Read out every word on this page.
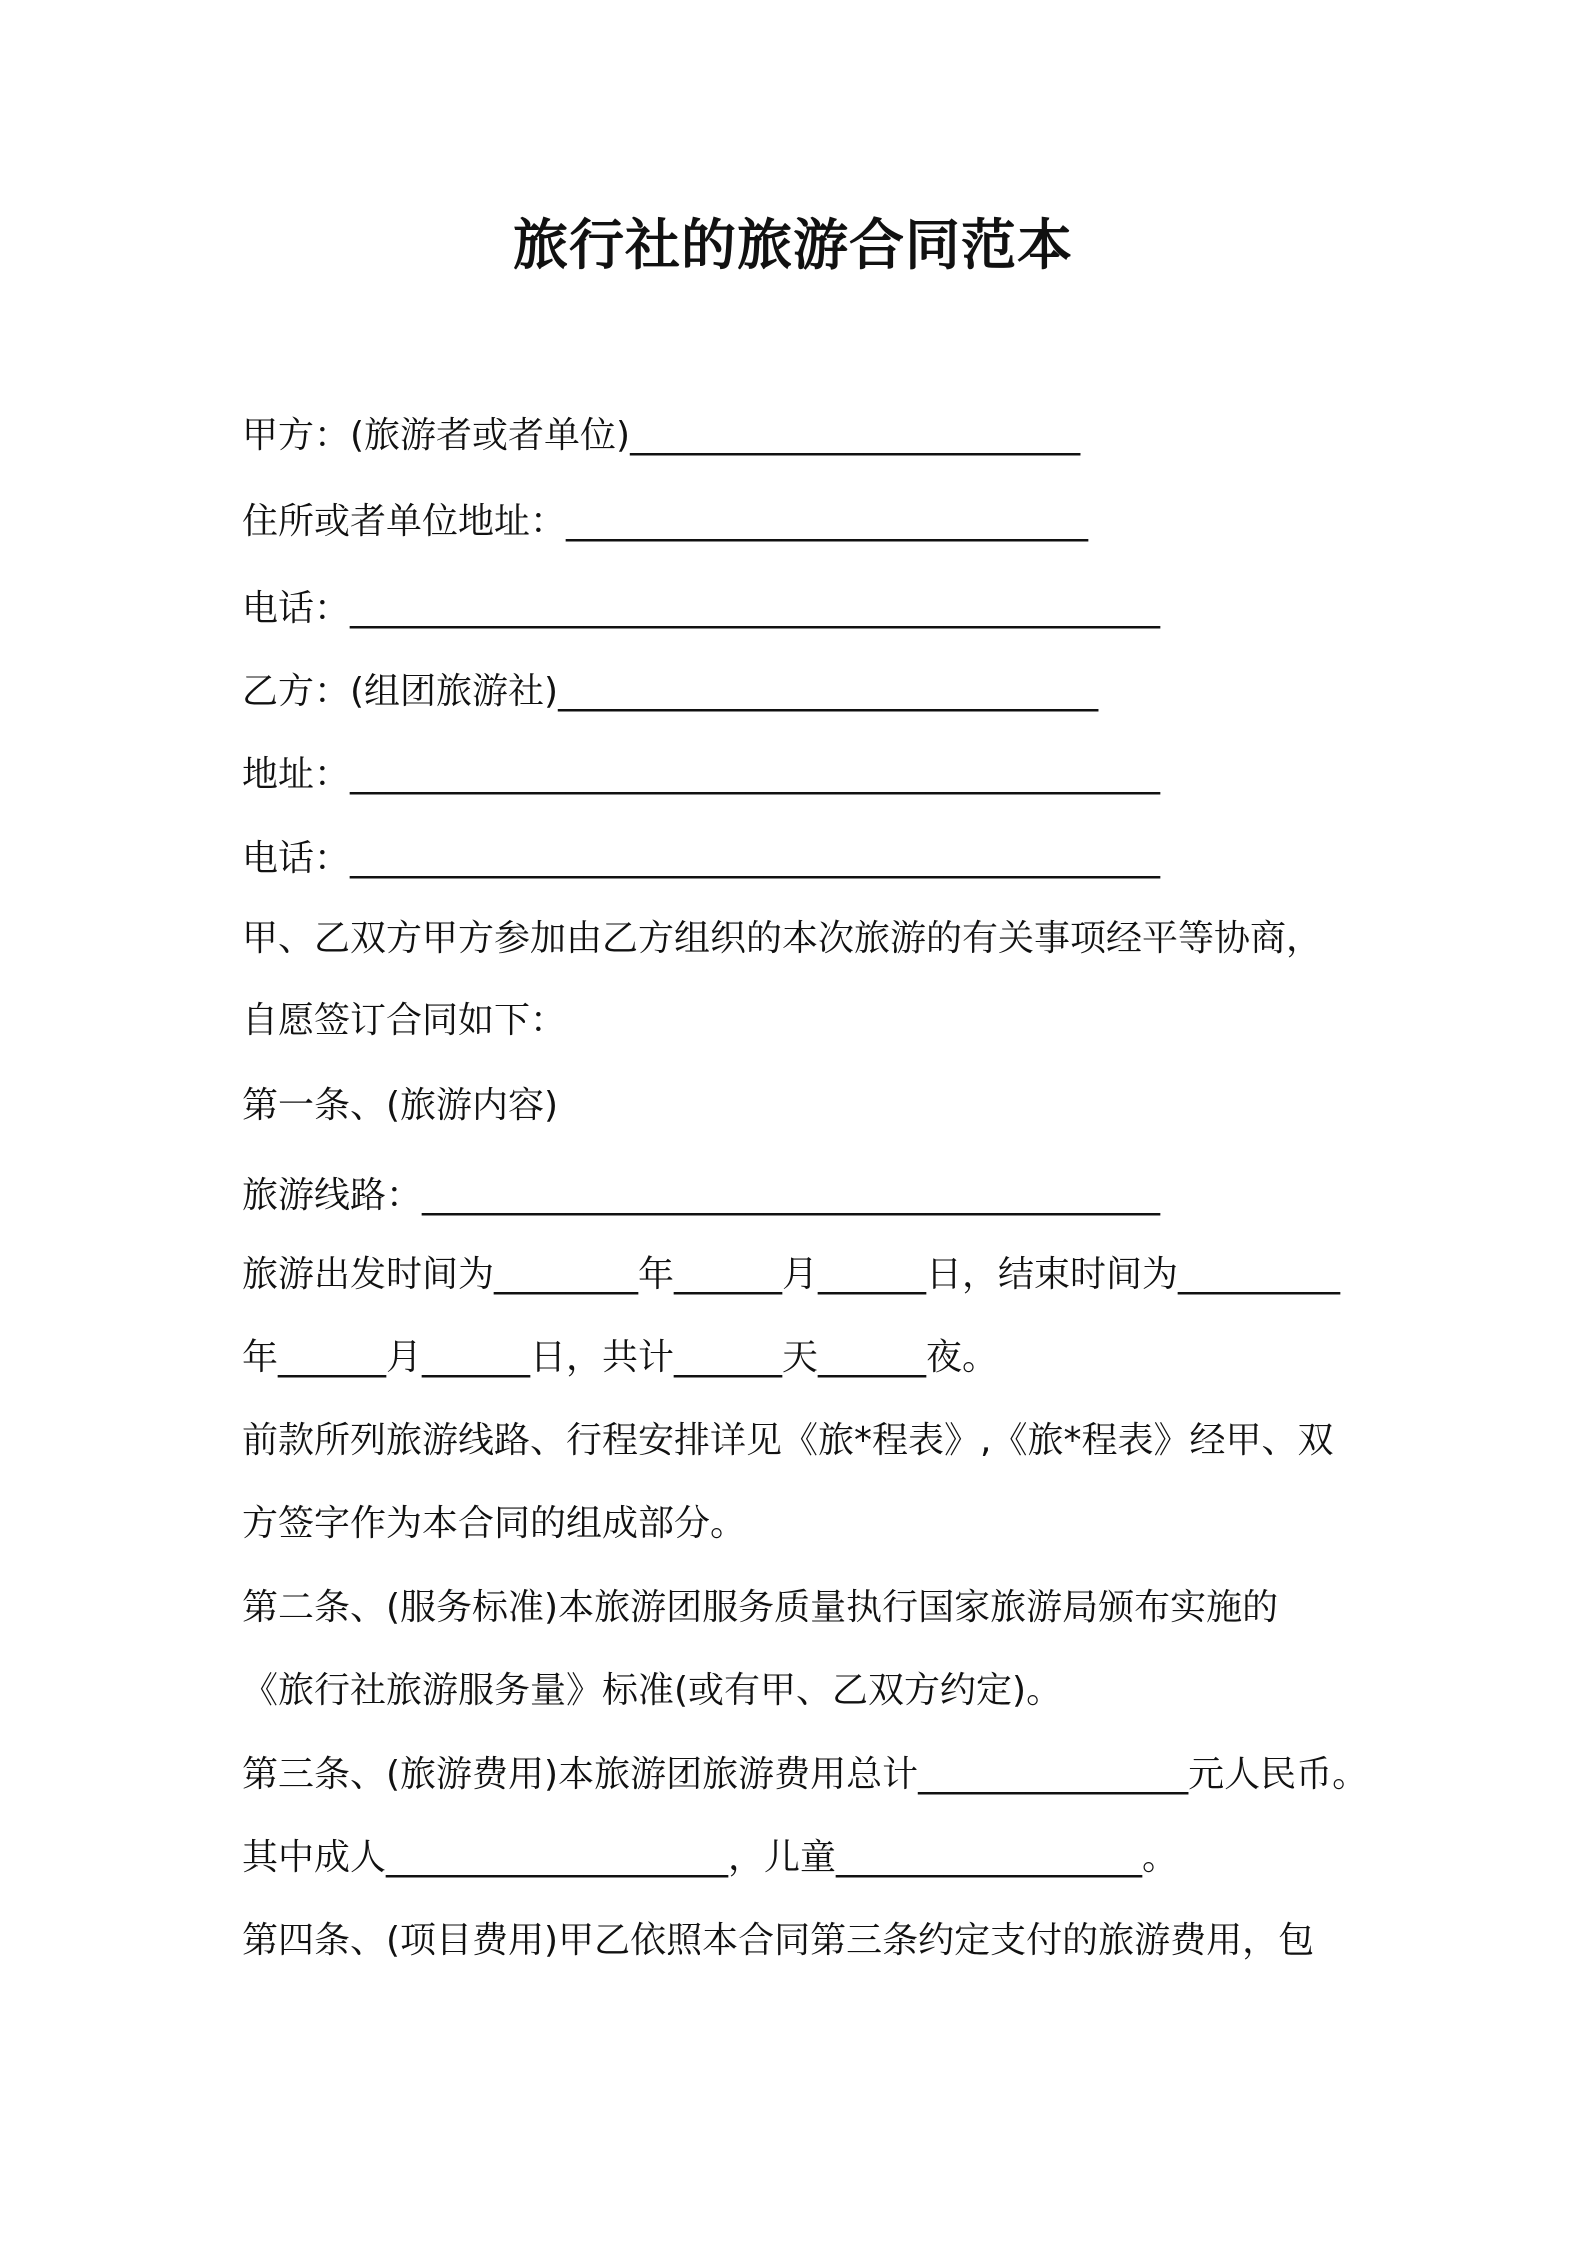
旅行社的旅游合同范本
甲方：(旅游者或者单位)_________________________
住所或者单位地址：_____________________________
电话：_____________________________________________
乙方：(组团旅游社)______________________________
地址：_____________________________________________
电话：_____________________________________________
甲、乙双方甲方参加由乙方组织的本次旅游的有关事项经平等协商，
自愿签订合同如下：
第一条、(旅游内容)
旅游线路：_________________________________________
旅游出发时间为________年______月______日，结束时间为_________
年______月______日，共计______天______夜。
前款所列旅游线路、行程安排详见《旅*程表》,《旅*程表》经甲、双
方签字作为本合同的组成部分。
第二条、(服务标准)本旅游团服务质量执行国家旅游局颁布实施的
《旅行社旅游服务量》标准(或有甲、乙双方约定)。
第三条、(旅游费用)本旅游团旅游费用总计_______________元人民币。
其中成人___________________，儿童_________________。
第四条、(项目费用)甲乙依照本合同第三条约定支付的旅游费用，包
